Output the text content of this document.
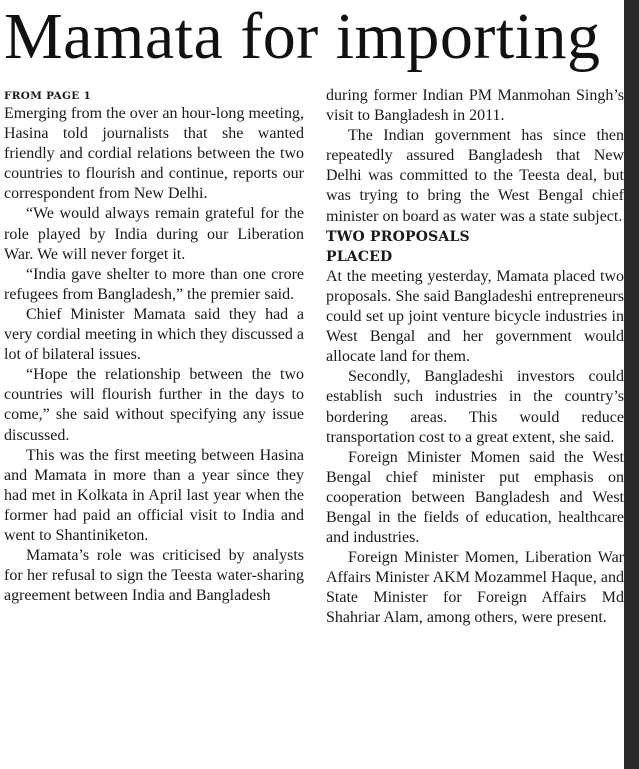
Mamata for importing

FROM PAGE 1

Emerging from the over an hour-long meeting, Hasina told journalists that she wanted friendly and cordial relations between the two countries to flourish and continue, reports our correspondent from New Delhi.

“We would always remain grateful for the role played by India during our Liberation War. We will never forget it.

“India gave shelter to more than one crore refugees from Bangladesh,” the premier said.

Chief Minister Mamata said they had a very cordial meeting in which they discussed a lot of bilateral issues.

“Hope the relationship between the two countries will flourish further in the days to come,” she said without specifying any issue discussed.

This was the first meeting between Hasina and Mamata in more than a year since they had met in Kolkata in April last year when the former had paid an official visit to India and went to Shantiniketon.

Mamata’s role was criticised by analysts for her refusal to sign the Teesta water-sharing agreement between India and Bangladesh

during former Indian PM Manmohan Singh’s visit to Bangladesh in 2011.

The Indian government has since then repeatedly assured Bangladesh that New Delhi was committed to the Teesta deal, but was trying to bring the West Bengal chief minister on board as water was a state subject.

TWO PROPOSALS

PLACED

At the meeting yesterday, Mamata placed two proposals. She said Bangladeshi entrepreneurs could set up joint venture bicycle industries in West Bengal and her government would allocate land for them.

Secondly, Bangladeshi investors could establish such industries in the country’s bordering areas. This would reduce transportation cost to a great extent, she said.

Foreign Minister Momen said the West Bengal chief minister put emphasis on cooperation between Bangladesh and West Bengal in the fields of education, healthcare and industries.

Foreign Minister Momen, Liberation War Affairs Minister AKM Mozammel Haque, and State Minister for Foreign Affairs Md Shahriar Alam, among others, were present.
